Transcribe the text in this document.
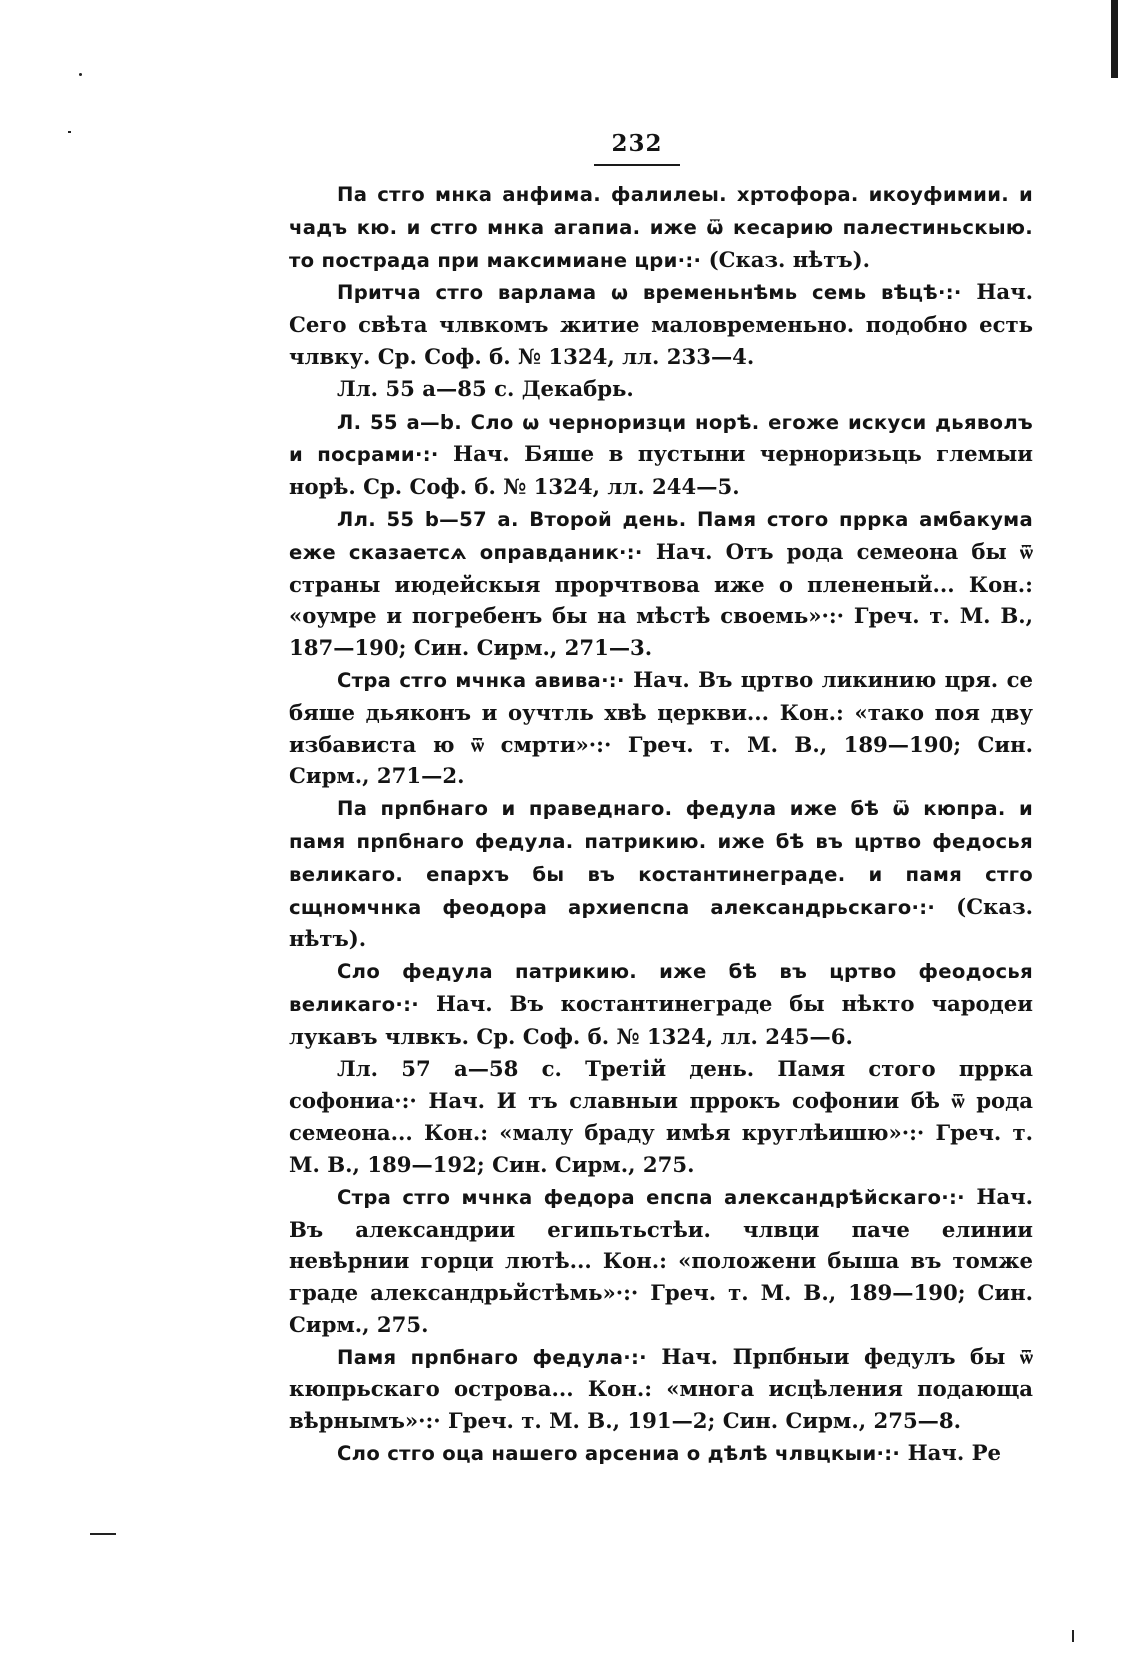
232

Па стго мнка анфима. фалилеы. хртофора. икоуфимии. и чадъ кю. и стго мнка агапиа. иже ѿ кесарию палестиньскыю. то пострада при максимиане цри·:· (Сказ. нѣтъ).

Притча стго варлама ω временьнѣмь семь вѣцѣ·:· Нач. Сего свѣта члвкомъ житие маловременьно. подобно есть члвку. Ср. Соф. б. № 1324, лл. 233—4.

Лл. 55 а—85 с. Декабрь.

Л. 55 а—b. Сло ω черноризци норѣ. егоже искуси дьяволъ и посрами·:· Нач. Бяше в пустыни черноризьць глемыи норѣ. Ср. Соф. б. № 1324, лл. 244—5.

Лл. 55 b—57 а. Второй день. Памя стого пррка амбакума еже сказаетсѧ оправданик·:· Нач. Отъ рода семеона бы ѿ страны июдейскыя прорчтвова иже о плененый... Кон.: «оумре и погребенъ бы на мѣстѣ своемь»·:· Греч. т. М. В., 187—190; Син. Сирм., 271—3.

Стра стго мчнка авива·:· Нач. Въ цртво ликинию цря. се бяше дьяконъ и оучтль хвѣ церкви... Кон.: «тако поя дву избависта ю ѿ смрти»·:· Греч. т. М. В., 189—190; Син. Сирм., 271—2.

Па прпбнаго и праведнаго. федула иже бѣ ѿ кюпра. и памя прпбнаго федула. патрикию. иже бѣ въ цртво федосья великаго. епархъ бы въ костантинеграде. и памя стго сщномчнка феодора архиепспа александрьскаго·:· (Сказ. нѣтъ).

Сло федула патрикию. иже бѣ въ цртво феодосья великаго·:· Нач. Въ костантинеграде бы нѣкто чародеи лукавъ члвкъ. Ср. Соф. б. № 1324, лл. 245—6.

Лл. 57 а—58 с. Третій день. Памя стого пррка софониа·:· Нач. И тъ славныи пррокъ софонии бѣ ѿ рода семеона... Кон.: «малу браду имѣя круглѣишю»·:· Греч. т. М. В., 189—192; Син. Сирм., 275.

Стра стго мчнка федора епспа александрѣйскаго·:· Нач. Въ александрии египьтьстѣи. члвци паче елинии невѣрнии горци лютѣ... Кон.: «положени быша въ томже граде александрьйстѣмь»·:· Греч. т. М. В., 189—190; Син. Сирм., 275.

Памя прпбнаго федула·:· Нач. Прпбныи федулъ бы ѿ кюпрьскаго острова... Кон.: «многа исцѣления подающа вѣрнымъ»·:· Греч. т. М. В., 191—2; Син. Сирм., 275—8.

Сло стго оца нашего арсениа о дѣлѣ члвцкыи·:· Нач. Ре
